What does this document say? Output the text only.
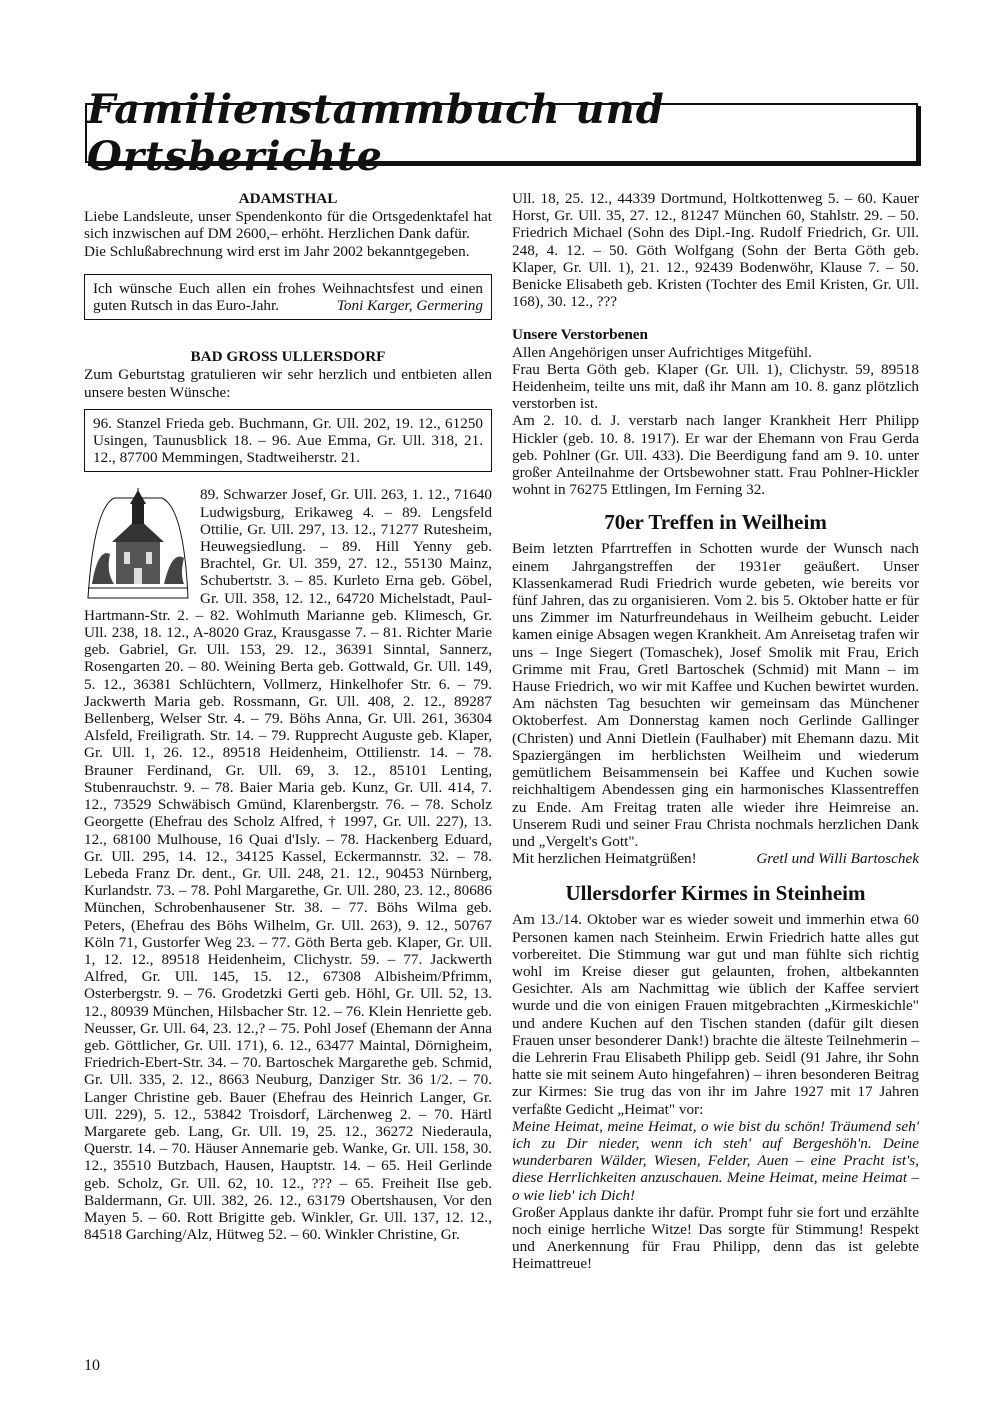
Familienstammbuch und Ortsberichte

ADAMSTHAL

Liebe Landsleute, unser Spendenkonto für die Ortsgedenktafel hat sich inzwischen auf DM 2600,– erhöht. Herzlichen Dank dafür.

Die Schlußabrechnung wird erst im Jahr 2002 bekanntgegeben.

Ich wünsche Euch allen ein frohes Weihnachtsfest und einen guten Rutsch in das Euro-Jahr.	Toni Karger, Germering

BAD GROSS ULLERSDORF

Zum Geburtstag gratulieren wir sehr herzlich und entbieten allen unsere besten Wünsche:

96. Stanzel Frieda geb. Buchmann, Gr. Ull. 202, 19. 12., 61250 Usingen, Taunusblick 18. – 96. Aue Emma, Gr. Ull. 318, 21. 12., 87700 Memmingen, Stadtweiherstr. 21.

89. Schwarzer Josef, Gr. Ull. 263, 1. 12., 71640 Ludwigsburg, Erikaweg 4. – 89. Lengsfeld Ottilie, Gr. Ull. 297, 13. 12., 71277 Rutesheim, Heuwegsiedlung. – 89. Hill Yenny geb. Brachtel, Gr. Ul. 359, 27. 12., 55130 Mainz, Schubertstr. 3. – 85. Kurleto Erna geb. Göbel, Gr. Ull. 358, 12. 12., 64720 Michelstadt, Paul-Hartmann-Str. 2. – 82. Wohlmuth Marianne geb. Klimesch, Gr. Ull. 238, 18. 12., A-8020 Graz, Krausgasse 7. – 81. Richter Marie geb. Gabriel, Gr. Ull. 153, 29. 12., 36391 Sinntal, Sannerz, Rosengarten 20. – 80. Weining Berta geb. Gottwald, Gr. Ull. 149, 5. 12., 36381 Schlüchtern, Vollmerz, Hinkelhofer Str. 6. – 79. Jackwerth Maria geb. Rossmann, Gr. Ull. 408, 2. 12., 89287 Bellenberg, Welser Str. 4. – 79. Böhs Anna, Gr. Ull. 261, 36304 Alsfeld, Freiligrath. Str. 14. – 79. Rupprecht Auguste geb. Klaper, Gr. Ull. 1, 26. 12., 89518 Heidenheim, Ottilienstr. 14. – 78. Brauner Ferdinand, Gr. Ull. 69, 3. 12., 85101 Lenting, Stubenrauchstr. 9. – 78. Baier Maria geb. Kunz, Gr. Ull. 414, 7. 12., 73529 Schwäbisch Gmünd, Klarenbergstr. 76. – 78. Scholz Georgette (Ehefrau des Scholz Alfred, † 1997, Gr. Ull. 227), 13. 12., 68100 Mulhouse, 16 Quai d'Isly. – 78. Hackenberg Eduard, Gr. Ull. 295, 14. 12., 34125 Kassel, Eckermannstr. 32. – 78. Lebeda Franz Dr. dent., Gr. Ull. 248, 21. 12., 90453 Nürnberg, Kurlandstr. 73. – 78. Pohl Margarethe, Gr. Ull. 280, 23. 12., 80686 München, Schrobenhausener Str. 38. – 77. Böhs Wilma geb. Peters, (Ehefrau des Böhs Wilhelm, Gr. Ull. 263), 9. 12., 50767 Köln 71, Gustorfer Weg 23. – 77. Göth Berta geb. Klaper, Gr. Ull. 1, 12. 12., 89518 Heidenheim, Clichystr. 59. – 77. Jackwerth Alfred, Gr. Ull. 145, 15. 12., 67308 Albisheim/Pfrimm, Osterbergstr. 9. – 76. Grodetzki Gerti geb. Höhl, Gr. Ull. 52, 13. 12., 80939 München, Hilsbacher Str. 12. – 76. Klein Henriette geb. Neusser, Gr. Ull. 64, 23. 12.,? – 75. Pohl Josef (Ehemann der Anna geb. Göttlicher, Gr. Ull. 171), 6. 12., 63477 Maintal, Dörnigheim, Friedrich-Ebert-Str. 34. – 70. Bartoschek Margarethe geb. Schmid, Gr. Ull. 335, 2. 12., 8663 Neuburg, Danziger Str. 36 1/2. – 70. Langer Christine geb. Bauer (Ehefrau des Heinrich Langer, Gr. Ull. 229), 5. 12., 53842 Troisdorf, Lärchenweg 2. – 70. Härtl Margarete geb. Lang, Gr. Ull. 19, 25. 12., 36272 Niederaula, Querstr. 14. – 70. Häuser Annemarie geb. Wanke, Gr. Ull. 158, 30. 12., 35510 Butzbach, Hausen, Hauptstr. 14. – 65. Heil Gerlinde geb. Scholz, Gr. Ull. 62, 10. 12., ??? – 65. Freiheit Ilse geb. Baldermann, Gr. Ull. 382, 26. 12., 63179 Obertshausen, Vor den Mayen 5. – 60. Rott Brigitte geb. Winkler, Gr. Ull. 137, 12. 12., 84518 Garching/Alz, Hütweg 52. – 60. Winkler Christine, Gr.

Ull. 18, 25. 12., 44339 Dortmund, Holtkottenweg 5. – 60. Kauer Horst, Gr. Ull. 35, 27. 12., 81247 München 60, Stahlstr. 29. – 50. Friedrich Michael (Sohn des Dipl.-Ing. Rudolf Friedrich, Gr. Ull. 248, 4. 12. – 50. Göth Wolfgang (Sohn der Berta Göth geb. Klaper, Gr. Ull. 1), 21. 12., 92439 Bodenwöhr, Klause 7. – 50. Benicke Elisabeth geb. Kristen (Tochter des Emil Kristen, Gr. Ull. 168), 30. 12., ???

Unsere Verstorbenen

Allen Angehörigen unser Aufrichtiges Mitgefühl.

Frau Berta Göth geb. Klaper (Gr. Ull. 1), Clichystr. 59, 89518 Heidenheim, teilte uns mit, daß ihr Mann am 10. 8. ganz plötzlich verstorben ist.

Am 2. 10. d. J. verstarb nach langer Krankheit Herr Philipp Hickler (geb. 10. 8. 1917). Er war der Ehemann von Frau Gerda geb. Pohlner (Gr. Ull. 433). Die Beerdigung fand am 9. 10. unter großer Anteilnahme der Ortsbewohner statt. Frau Pohlner-Hickler wohnt in 76275 Ettlingen, Im Ferning 32.

70er Treffen in Weilheim

Beim letzten Pfarrtreffen in Schotten wurde der Wunsch nach einem Jahrgangstreffen der 1931er geäußert. Unser Klassenkamerad Rudi Friedrich wurde gebeten, wie bereits vor fünf Jahren, das zu organisieren. Vom 2. bis 5. Oktober hatte er für uns Zimmer im Naturfreundehaus in Weilheim gebucht. Leider kamen einige Absagen wegen Krankheit. Am Anreisetag trafen wir uns – Inge Siegert (Tomaschek), Josef Smolik mit Frau, Erich Grimme mit Frau, Gretl Bartoschek (Schmid) mit Mann – im Hause Friedrich, wo wir mit Kaffee und Kuchen bewirtet wurden. Am nächsten Tag besuchten wir gemeinsam das Münchener Oktoberfest. Am Donnerstag kamen noch Gerlinde Gallinger (Christen) und Anni Dietlein (Faulhaber) mit Ehemann dazu. Mit Spaziergängen im herblichsten Weilheim und wiederum gemütlichem Beisammensein bei Kaffee und Kuchen sowie reichhaltigem Abendessen ging ein harmonisches Klassentreffen zu Ende. Am Freitag traten alle wieder ihre Heimreise an. Unserem Rudi und seiner Frau Christa nochmals herzlichen Dank und „Vergelt's Gott".

Mit herzlichen Heimatgrüßen!	Gretl und Willi Bartoschek

Ullersdorfer Kirmes in Steinheim

Am 13./14. Oktober war es wieder soweit und immerhin etwa 60 Personen kamen nach Steinheim. Erwin Friedrich hatte alles gut vorbereitet. Die Stimmung war gut und man fühlte sich richtig wohl im Kreise dieser gut gelaunten, frohen, altbekannten Gesichter. Als am Nachmittag wie üblich der Kaffee serviert wurde und die von einigen Frauen mitgebrachten „Kirmeskichle" und andere Kuchen auf den Tischen standen (dafür gilt diesen Frauen unser besonderer Dank!) brachte die älteste Teilnehmerin – die Lehrerin Frau Elisabeth Philipp geb. Seidl (91 Jahre, ihr Sohn hatte sie mit seinem Auto hingefahren) – ihren besonderen Beitrag zur Kirmes: Sie trug das von ihr im Jahre 1927 mit 17 Jahren verfaßte Gedicht „Heimat" vor:

Meine Heimat, meine Heimat, o wie bist du schön! Träumend seh' ich zu Dir nieder, wenn ich steh' auf Bergeshöh'n. Deine wunderbaren Wälder, Wiesen, Felder, Auen – eine Pracht ist's, diese Herrlichkeiten anzuschauen. Meine Heimat, meine Heimat – o wie lieb' ich Dich!

Großer Applaus dankte ihr dafür. Prompt fuhr sie fort und erzählte noch einige herrliche Witze! Das sorgte für Stimmung! Respekt und Anerkennung für Frau Philipp, denn das ist gelebte Heimattreue!

10
